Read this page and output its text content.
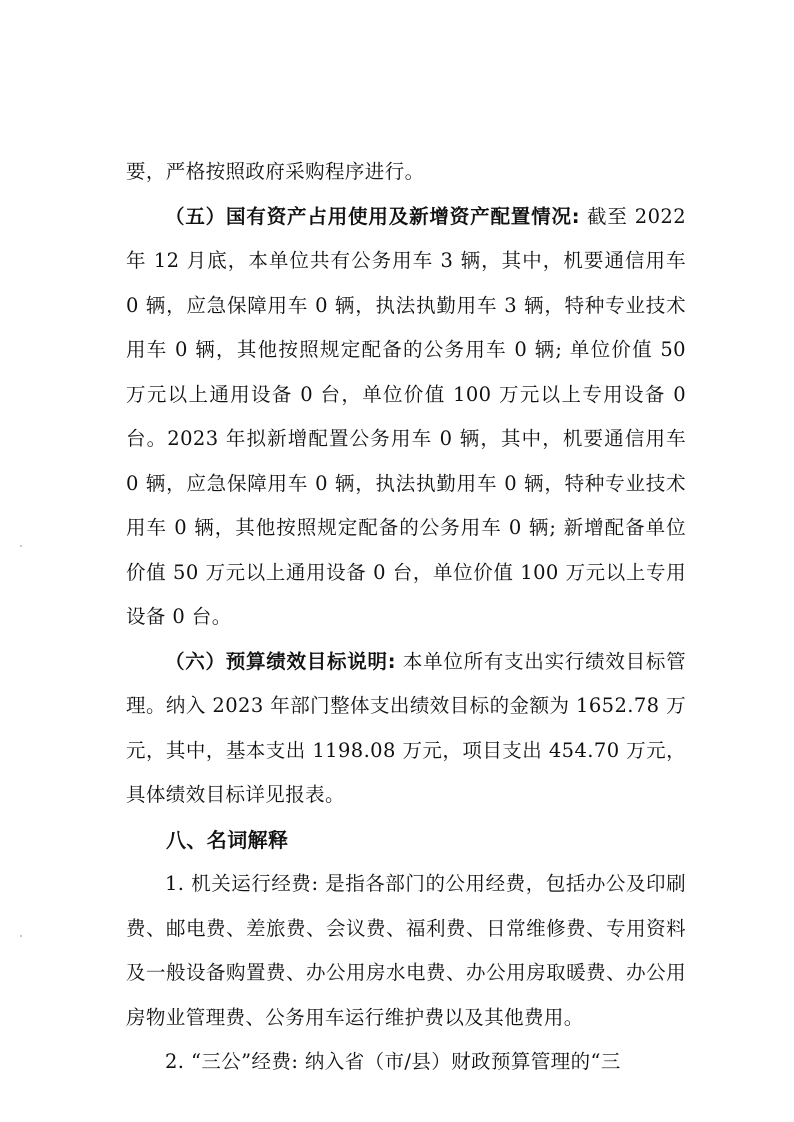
要，严格按照政府采购程序进行。

（五）国有资产占用使用及新增资产配置情况: 截至 2022 年 12 月底，本单位共有公务用车 3 辆，其中，机要通信用车 0 辆，应急保障用车 0 辆，执法执勤用车 3 辆，特种专业技术用车 0 辆，其他按照规定配备的公务用车 0 辆; 单位价值 50 万元以上通用设备 0 台，单位价值 100 万元以上专用设备 0 台。2023 年拟新增配置公务用车 0 辆，其中，机要通信用车 0 辆，应急保障用车 0 辆，执法执勤用车 0 辆，特种专业技术用车 0 辆，其他按照规定配备的公务用车 0 辆; 新增配备单位价值 50 万元以上通用设备 0 台，单位价值 100 万元以上专用设备 0 台。

（六）预算绩效目标说明: 本单位所有支出实行绩效目标管理。纳入 2023 年部门整体支出绩效目标的金额为 1652.78 万元，其中，基本支出 1198.08 万元，项目支出 454.70 万元，具体绩效目标详见报表。

八、名词解释

1. 机关运行经费: 是指各部门的公用经费，包括办公及印刷费、邮电费、差旅费、会议费、福利费、日常维修费、专用资料及一般设备购置费、办公用房水电费、办公用房取暖费、办公用房物业管理费、公务用车运行维护费以及其他费用。

2. “三公”经费: 纳入省（市/县）财政预算管理的“三
